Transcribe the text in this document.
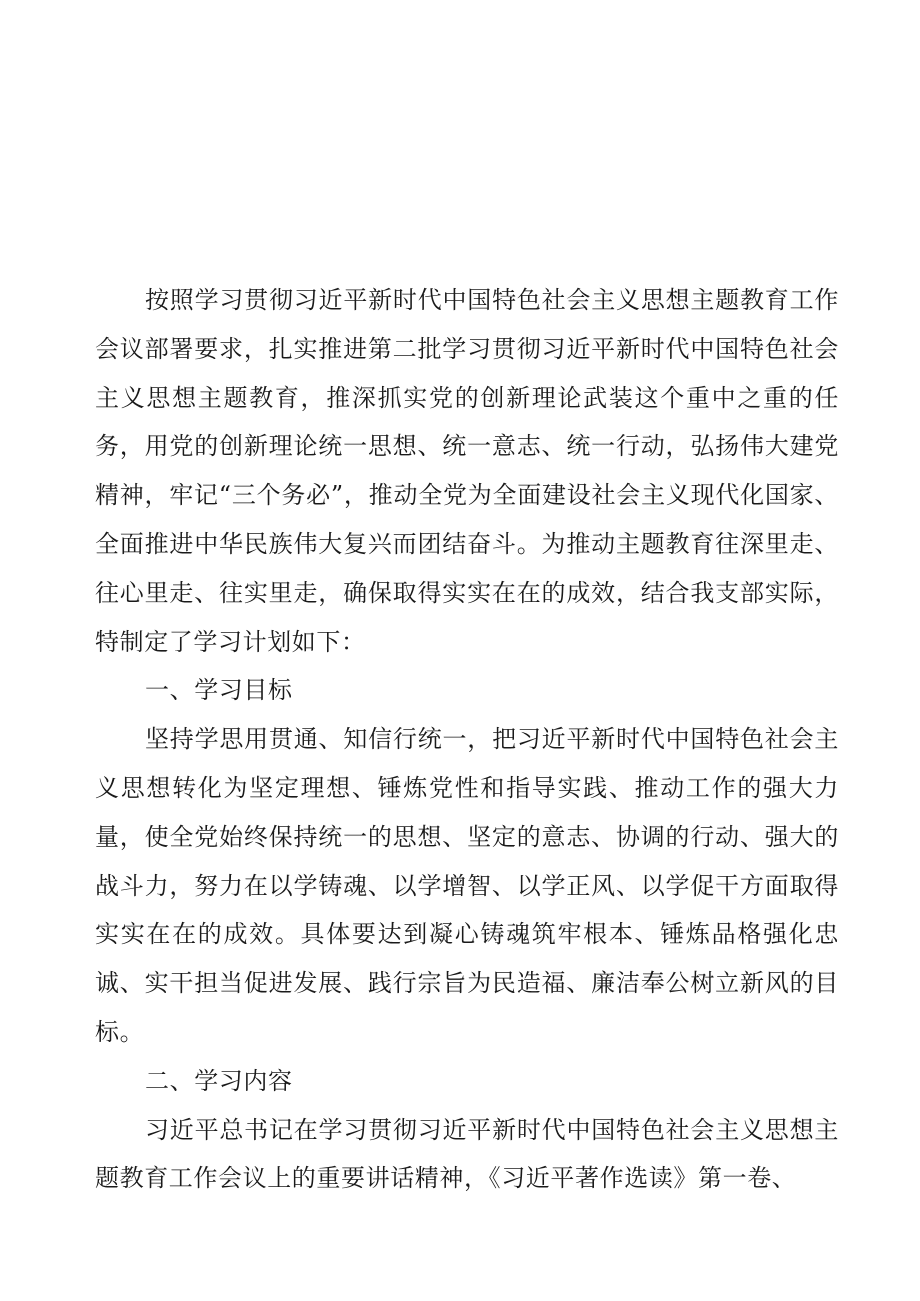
按照学习贯彻习近平新时代中国特色社会主义思想主题教育工作会议部署要求，扎实推进第二批学习贯彻习近平新时代中国特色社会主义思想主题教育，推深抓实党的创新理论武装这个重中之重的任务，用党的创新理论统一思想、统一意志、统一行动，弘扬伟大建党精神，牢记“三个务必”，推动全党为全面建设社会主义现代化国家、全面推进中华民族伟大复兴而团结奋斗。为推动主题教育往深里走、往心里走、往实里走，确保取得实实在在的成效，结合我支部实际，特制定了学习计划如下：

一、学习目标

坚持学思用贯通、知信行统一，把习近平新时代中国特色社会主义思想转化为坚定理想、锤炼党性和指导实践、推动工作的强大力量，使全党始终保持统一的思想、坚定的意志、协调的行动、强大的战斗力，努力在以学铸魂、以学增智、以学正风、以学促干方面取得实实在在的成效。具体要达到凝心铸魂筑牢根本、锤炼品格强化忠诚、实干担当促进发展、践行宗旨为民造福、廉洁奉公树立新风的目标。

二、学习内容

习近平总书记在学习贯彻习近平新时代中国特色社会主义思想主题教育工作会议上的重要讲话精神，《习近平著作选读》第一卷、
